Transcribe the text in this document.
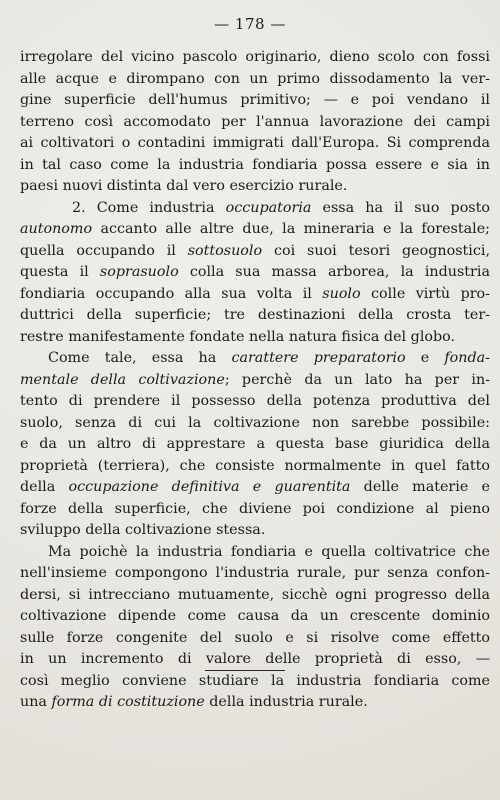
— 178 —
irregolare del vicino pascolo originario, dieno scolo con fossi
alle acque e dirompano con un primo dissodamento la ver-
gine superficie dell'humus primitivo; — e poi vendano il
terreno così accomodato per l'annua lavorazione dei campi
ai coltivatori o contadini immigrati dall'Europa. Si comprenda
in tal caso come la industria fondiaria possa essere e sia in
paesi nuovi distinta dal vero esercizio rurale.
2. Come industria occupatoria essa ha il suo posto
autonomo accanto alle altre due, la mineraria e la forestale;
quella occupando il sottosuolo coi suoi tesori geognostici,
questa il soprasuolo colla sua massa arborea, la industria
fondiaria occupando alla sua volta il suolo colle virtù pro-
duttrici della superficie; tre destinazioni della crosta ter-
restre manifestamente fondate nella natura fisica del globo.
Come tale, essa ha carattere preparatorio e fonda-
mentale della coltivazione; perchè da un lato ha per in-
tento di prendere il possesso della potenza produttiva del
suolo, senza di cui la coltivazione non sarebbe possibile:
e da un altro di apprestare a questa base giuridica della
proprietà (terriera), che consiste normalmente in quel fatto
della occupazione definitiva e guarentita delle materie e
forze della superficie, che diviene poi condizione al pieno
sviluppo della coltivazione stessa.
Ma poichè la industria fondiaria e quella coltivatrice che
nell'insieme compongono l'industria rurale, pur senza confon-
dersi, si intrecciano mutuamente, sicchè ogni progresso della
coltivazione dipende come causa da un crescente dominio
sulle forze congenite del suolo e si risolve come effetto
in un incremento di valore delle proprietà di esso, —
così meglio conviene studiare la industria fondiaria come
una forma di costituzione della industria rurale.
